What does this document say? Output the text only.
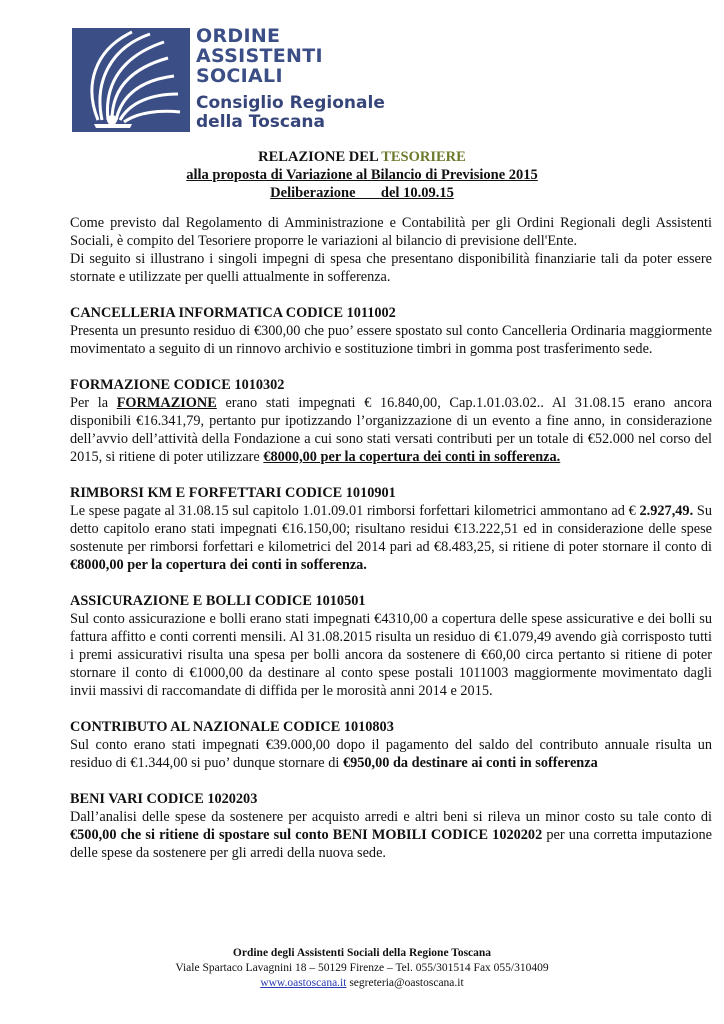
ORDINE
ASSISTENTI
SOCIALI
Consiglio Regionale
della Toscana
RELAZIONE DEL TESORIERE
alla proposta di Variazione al Bilancio di Previsione 2015
Deliberazione       del 10.09.15

Come previsto dal Regolamento di Amministrazione e Contabilità per gli Ordini Regionali degli Assistenti Sociali, è compito del Tesoriere proporre le variazioni al bilancio di previsione dell'Ente.

Di seguito si illustrano i singoli impegni di spesa che presentano disponibilità finanziarie tali da poter essere stornate e utilizzate per quelli attualmente in sofferenza.

CANCELLERIA INFORMATICA CODICE 1011002

Presenta un presunto residuo di €300,00 che puo’ essere spostato sul conto Cancelleria Ordinaria maggiormente movimentato a seguito di un rinnovo archivio e sostituzione timbri in gomma post trasferimento sede.

FORMAZIONE CODICE 1010302

Per la FORMAZIONE erano stati impegnati € 16.840,00, Cap.1.01.03.02.. Al 31.08.15 erano ancora disponibili €16.341,79, pertanto pur ipotizzando l’organizzazione di un evento a fine anno, in considerazione dell’avvio dell’attività della Fondazione a cui sono stati versati contributi per un totale di €52.000 nel corso del 2015, si ritiene di poter utilizzare €8000,00 per la copertura dei conti in sofferenza.

RIMBORSI KM E FORFETTARI CODICE 1010901

Le spese pagate al 31.08.15 sul capitolo 1.01.09.01 rimborsi forfettari kilometrici ammontano ad € 2.927,49. Su detto capitolo erano stati impegnati €16.150,00; risultano residui €13.222,51 ed in considerazione delle spese sostenute per rimborsi forfettari e kilometrici del 2014 pari ad €8.483,25, si ritiene di poter stornare il conto di €8000,00 per la copertura dei conti in sofferenza.

ASSICURAZIONE E BOLLI CODICE 1010501

Sul conto assicurazione e bolli erano stati impegnati €4310,00 a copertura delle spese assicurative e dei bolli su fattura affitto e conti correnti mensili. Al 31.08.2015 risulta un residuo di €1.079,49 avendo già corrisposto tutti i premi assicurativi risulta una spesa per bolli ancora da sostenere di €60,00 circa pertanto si ritiene di poter stornare il conto di €1000,00 da destinare al conto spese postali 1011003 maggiormente movimentato dagli invii massivi di raccomandate di diffida per le morosità anni 2014 e 2015.

CONTRIBUTO AL NAZIONALE CODICE 1010803

Sul conto erano stati impegnati €39.000,00 dopo il pagamento del saldo del contributo annuale risulta un residuo di €1.344,00 si puo’ dunque stornare di €950,00 da destinare ai conti in sofferenza

BENI VARI CODICE 1020203

Dall’analisi delle spese da sostenere per acquisto arredi e altri beni si rileva un minor costo su tale conto di €500,00 che si ritiene di spostare sul conto BENI MOBILI CODICE 1020202 per una corretta imputazione delle spese da sostenere per gli arredi della nuova sede.

Ordine degli Assistenti Sociali della Regione Toscana
Viale Spartaco Lavagnini 18 – 50129 Firenze – Tel. 055/301514 Fax 055/310409
www.oastoscana.it segreteria@oastoscana.it
